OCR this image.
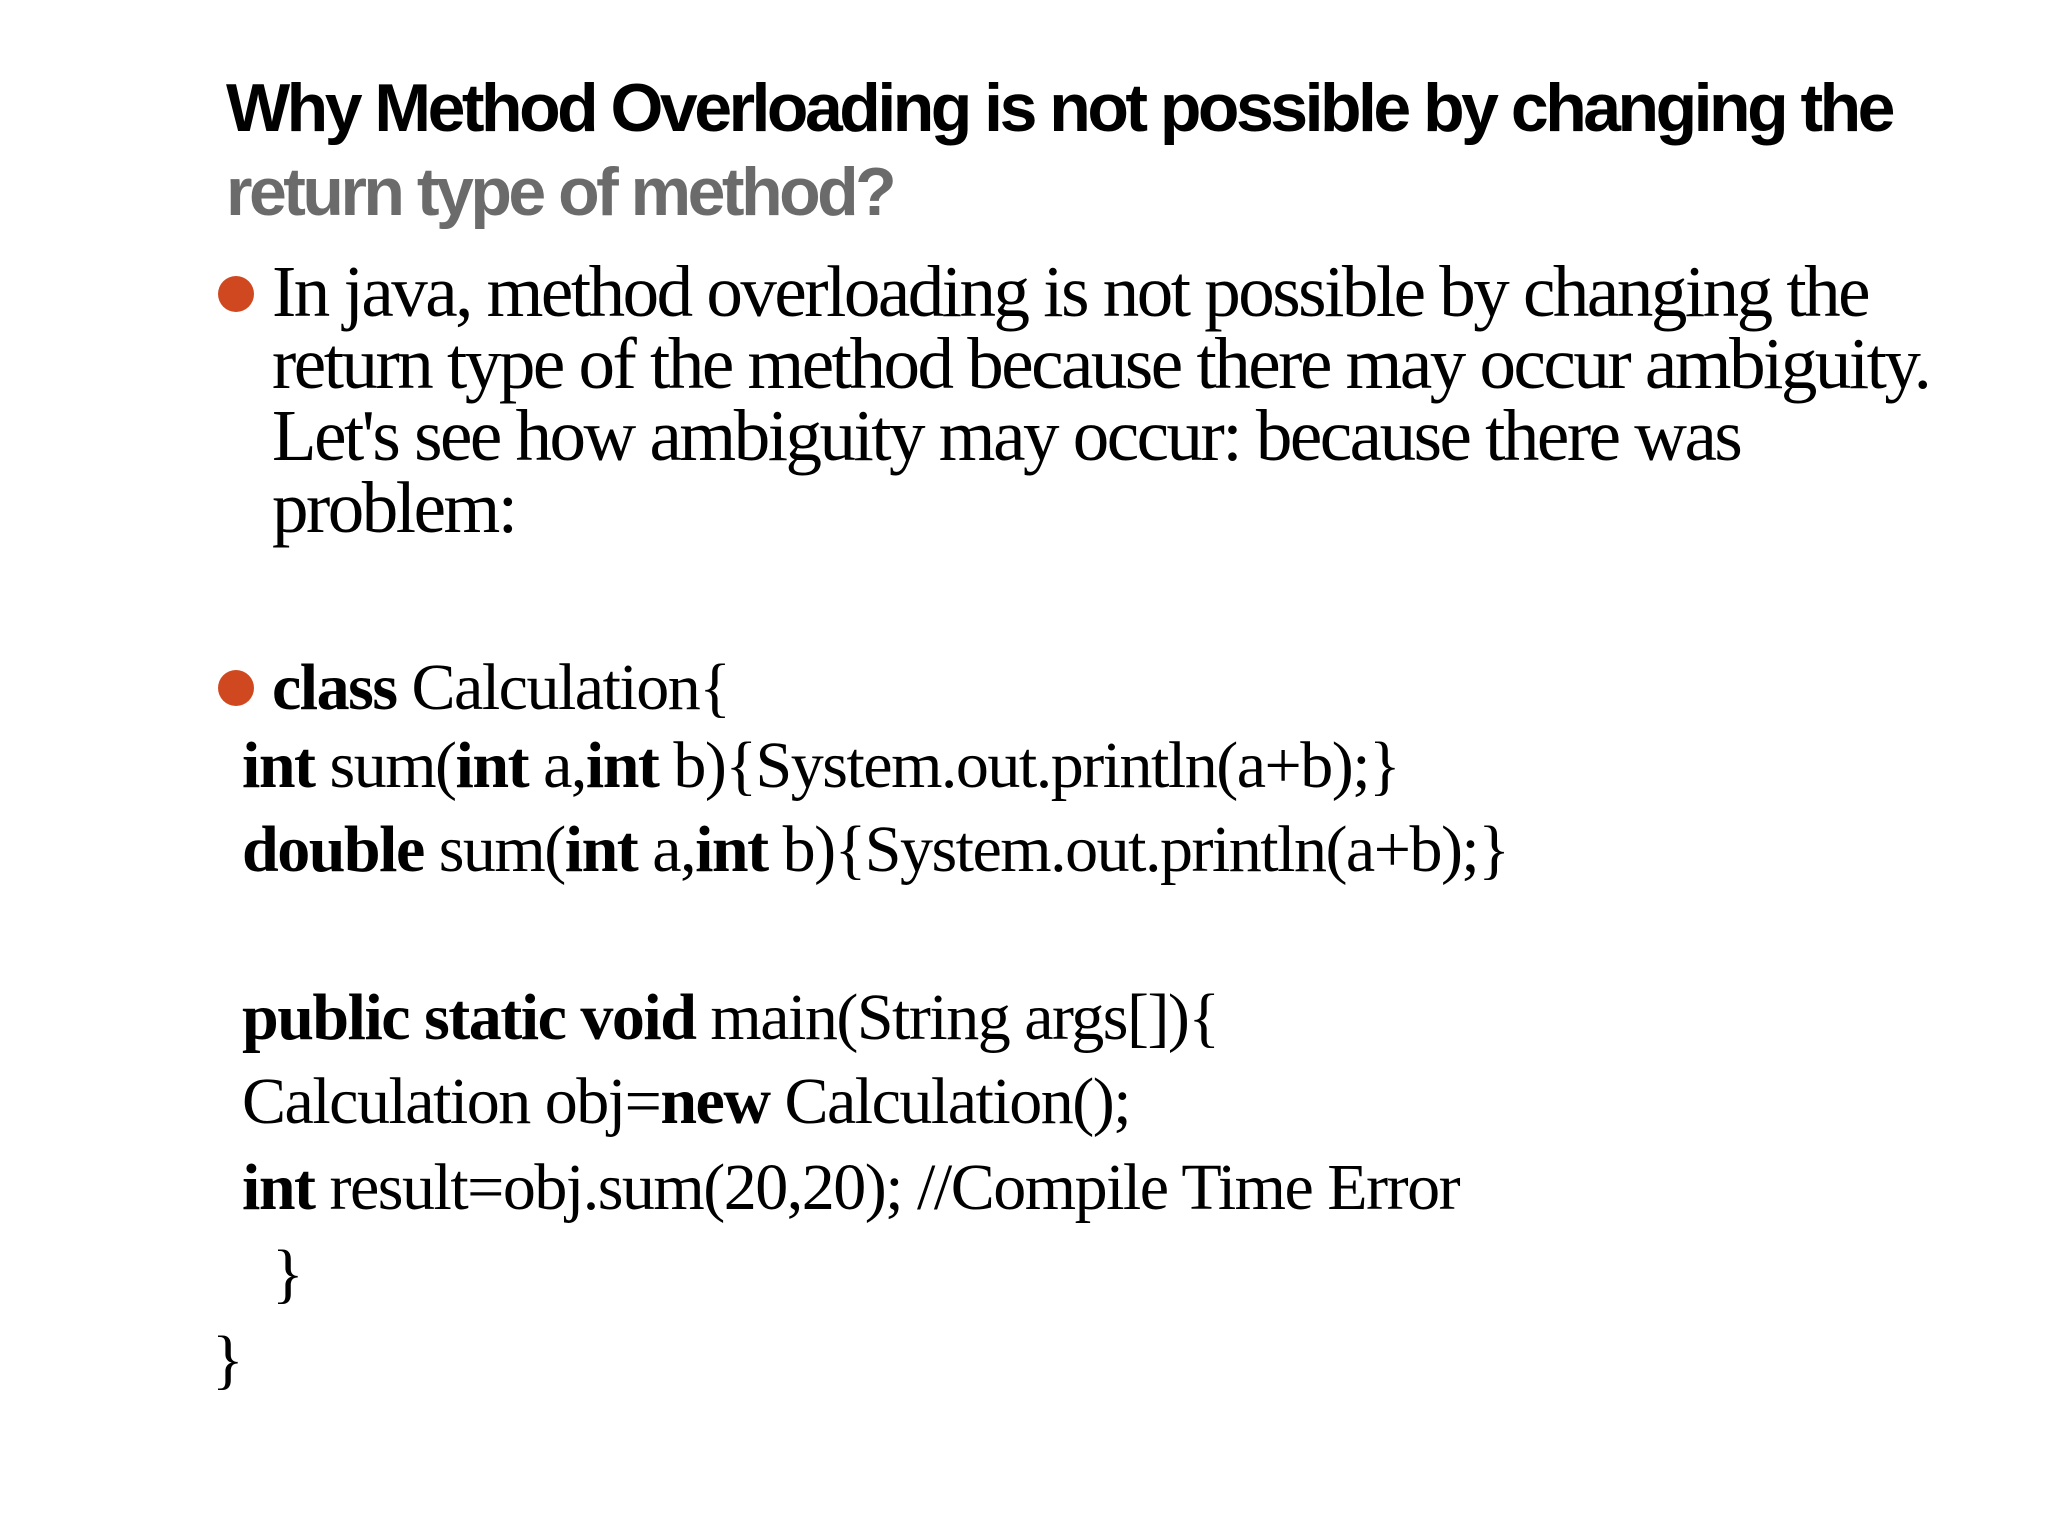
Why Method Overloading is not possible by changing the
return type of method?

In java, method overloading is not possible by changing the
return type of the method because there may occur ambiguity.
Let's see how ambiguity may occur: because there was
problem:

class Calculation{
int sum(int a,int b){System.out.println(a+b);}
double sum(int a,int b){System.out.println(a+b);}
public static void main(String args[]){
Calculation obj=new Calculation();
int result=obj.sum(20,20); //Compile Time Error
}
}
